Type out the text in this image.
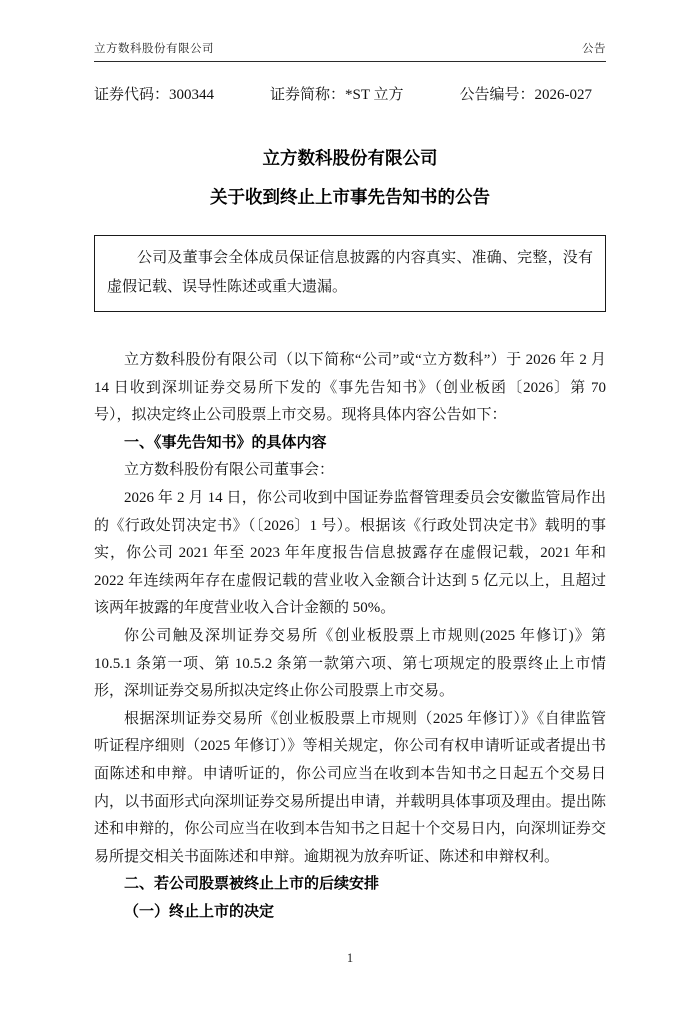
立方数科股份有限公司	公告
证券代码：300344	证券简称：*ST 立方	公告编号：2026-027
立方数科股份有限公司
关于收到终止上市事先告知书的公告

公司及董事会全体成员保证信息披露的内容真实、准确、完整，没有虚假记载、误导性陈述或重大遗漏。

立方数科股份有限公司（以下简称“公司”或“立方数科”）于 2026 年 2 月 14 日收到深圳证券交易所下发的《事先告知书》（创业板函〔2026〕第 70 号），拟决定终止公司股票上市交易。现将具体内容公告如下：

一、《事先告知书》的具体内容

立方数科股份有限公司董事会：

2026 年 2 月 14 日，你公司收到中国证券监督管理委员会安徽监管局作出的《行政处罚决定书》（〔2026〕1 号）。根据该《行政处罚决定书》载明的事实，你公司 2021 年至 2023 年年度报告信息披露存在虚假记载，2021 年和 2022 年连续两年存在虚假记载的营业收入金额合计达到 5 亿元以上，且超过该两年披露的年度营业收入合计金额的 50%。

你公司触及深圳证券交易所《创业板股票上市规则(2025 年修订)》第 10.5.1 条第一项、第 10.5.2 条第一款第六项、第七项规定的股票终止上市情形，深圳证券交易所拟决定终止你公司股票上市交易。

根据深圳证券交易所《创业板股票上市规则（2025 年修订）》《自律监管听证程序细则（2025 年修订）》等相关规定，你公司有权申请听证或者提出书面陈述和申辩。申请听证的，你公司应当在收到本告知书之日起五个交易日内，以书面形式向深圳证券交易所提出申请，并载明具体事项及理由。提出陈述和申辩的，你公司应当在收到本告知书之日起十个交易日内，向深圳证券交易所提交相关书面陈述和申辩。逾期视为放弃听证、陈述和申辩权利。

二、若公司股票被终止上市的后续安排

（一）终止上市的决定

1
